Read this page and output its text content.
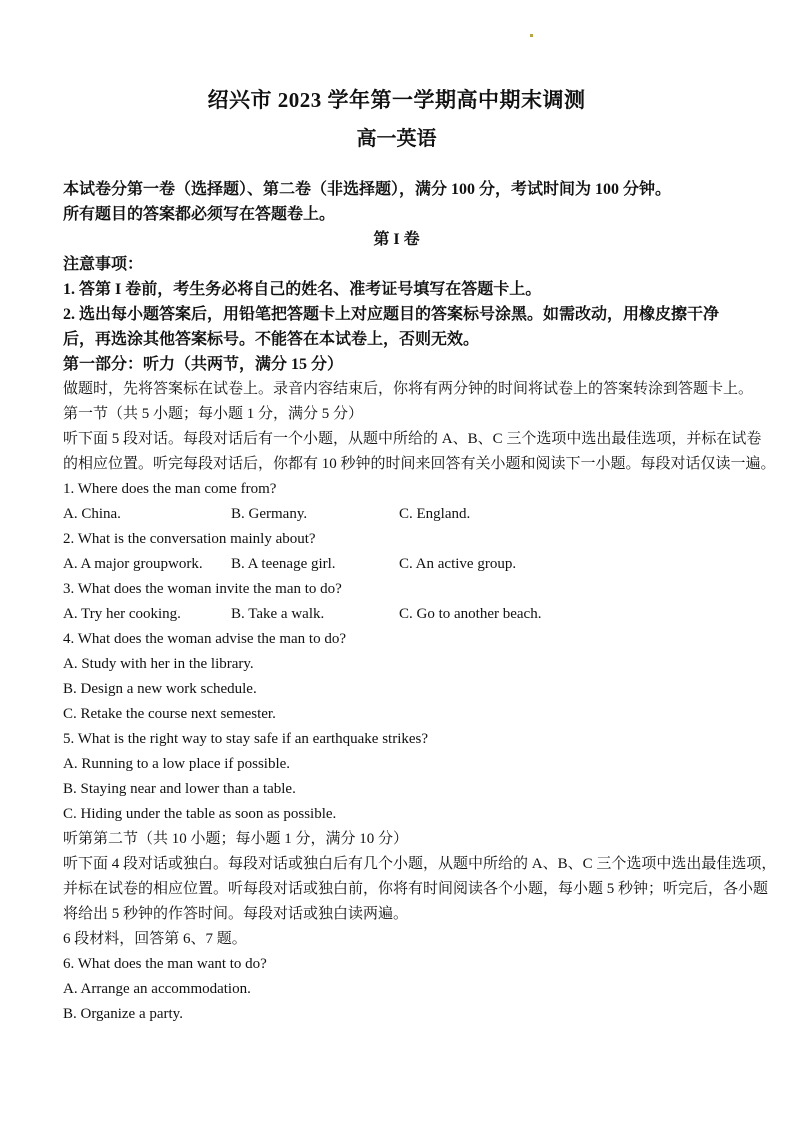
绍兴市 2023 学年第一学期高中期末调测
高一英语

本试卷分第一卷（选择题）、第二卷（非选择题），满分 100 分，考试时间为 100 分钟。

所有题目的答案都必须写在答题卷上。

第 I 卷

注意事项：

1. 答第 I 卷前，考生务必将自己的姓名、准考证号填写在答题卡上。

2. 选出每小题答案后，用铅笔把答题卡上对应题目的答案标号涂黑。如需改动，用橡皮擦干净

后，再选涂其他答案标号。不能答在本试卷上，否则无效。

第一部分：听力（共两节，满分 15 分）

做题时，先将答案标在试卷上。录音内容结束后，你将有两分钟的时间将试卷上的答案转涂到答题卡上。

第一节（共 5 小题；每小题 1 分，满分 5 分）

听下面 5 段对话。每段对话后有一个小题，从题中所给的 A、B、C 三个选项中选出最佳选项，并标在试卷

的相应位置。听完每段对话后，你都有 10 秒钟的时间来回答有关小题和阅读下一小题。每段对话仅读一遍。

1. Where does the man come from?

A. China.	B. Germany.	C. England.

2. What is the conversation mainly about?

A. A major groupwork.	B. A teenage girl.	C. An active group.

3. What does the woman invite the man to do?

A. Try her cooking.	B. Take a walk.	C. Go to another beach.

4. What does the woman advise the man to do?

A. Study with her in the library.

B. Design a new work schedule.

C. Retake the course next semester.

5. What is the right way to stay safe if an earthquake strikes?

A. Running to a low place if possible.

B. Staying near and lower than a table.

C. Hiding under the table as soon as possible.

听第第二节（共 10 小题；每小题 1 分，满分 10 分）

听下面 4 段对话或独白。每段对话或独白后有几个小题，从题中所给的 A、B、C 三个选项中选出最佳选项，

并标在试卷的相应位置。听每段对话或独白前，你将有时间阅读各个小题，每小题 5 秒钟；听完后，各小题

将给出 5 秒钟的作答时间。每段对话或独白读两遍。

6 段材料，回答第 6、7 题。

6. What does the man want to do?

A. Arrange an accommodation.

B. Organize a party.
